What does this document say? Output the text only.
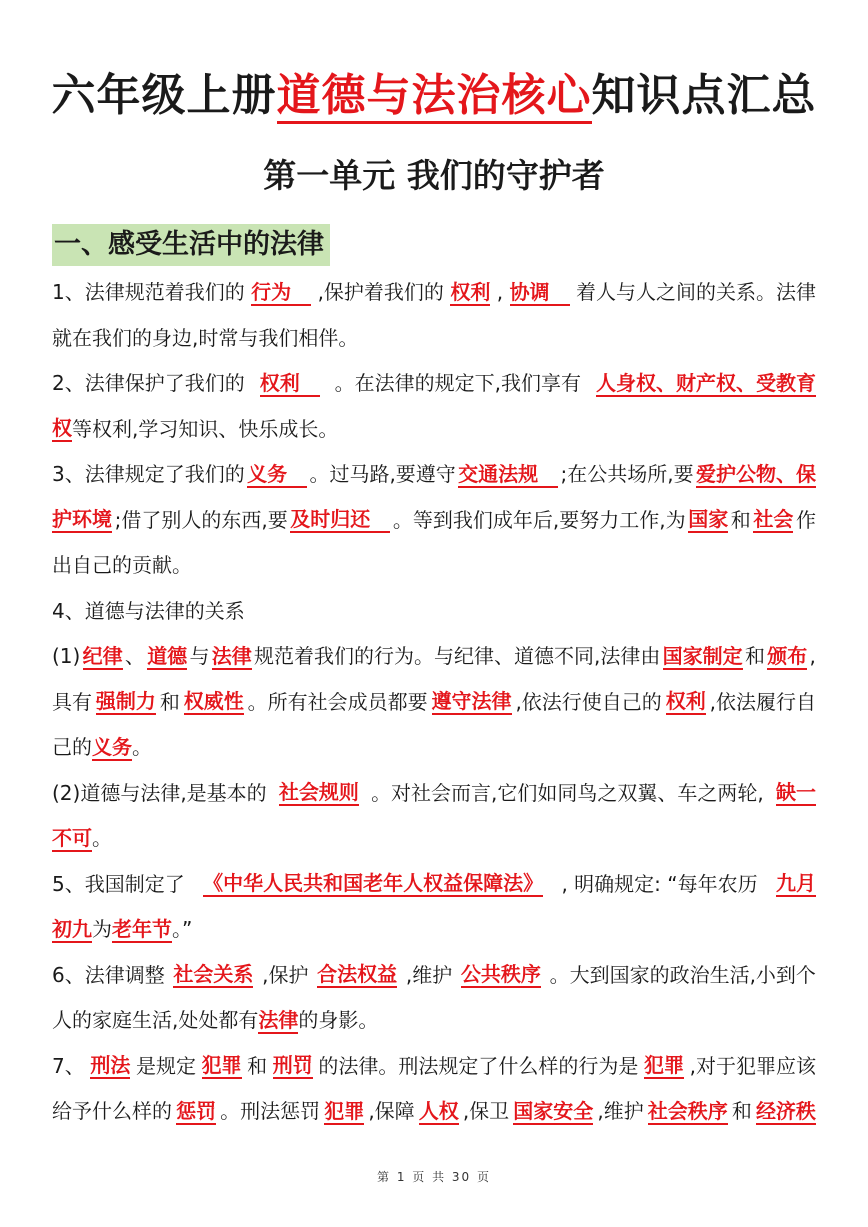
六年级上册道德与法治核心知识点汇总
第一单元 我们的守护者
一、感受生活中的法律
1、法律规范着我们的 行为	,保护着我们的 权利 , 协调	着人与人之间的关系。法律
就在我们的身边,时常与我们相伴。
2、法律保护了我们的 权利	。在法律的规定下,我们享有 人身权、财产权、受教育
权 等权利,学习知识、快乐成长。
3、法律规定了我们的 义务	。过马路,要遵守 交通法规	;在公共场所,要 爱护公物、保
护环境 ;借了别人的东西,要 及时归还	。等到我们成年后,要努力工作,为 国家 和 社会 作
出自己的贡献。
4、道德与法律的关系
(1) 纪律 、 道德 与 法律 规范着我们的行为。与纪律、道德不同,法律由 国家制定 和 颁布 ,
具有 强制力 和 权威性 。所有社会成员都要 遵守法律 ,依法行使自己的 权利 ,依法履行自
己的 义务 。
(2)道德与法律,是基本的 社会规则 。对社会而言,它们如同鸟之双翼、车之两轮, 缺一
不可 。
5、我国制定了 《中华人民共和国老年人权益保障法》 , 明确规定: “每年农历 九月
初九 为 老年节 。”
6、法律调整 社会关系 ,保护 合法权益 ,维护 公共秩序 。大到国家的政治生活,小到个
人的家庭生活,处处都有 法律 的身影。
7、 刑法 是规定 犯罪 和 刑罚 的法律。刑法规定了什么样的行为是 犯罪 ,对于犯罪应该
给予什么样的 惩罚 。刑法惩罚 犯罪 ,保障 人权 ,保卫 国家安全 ,维护 社会秩序 和 经济秩
第 1 页 共 30 页
